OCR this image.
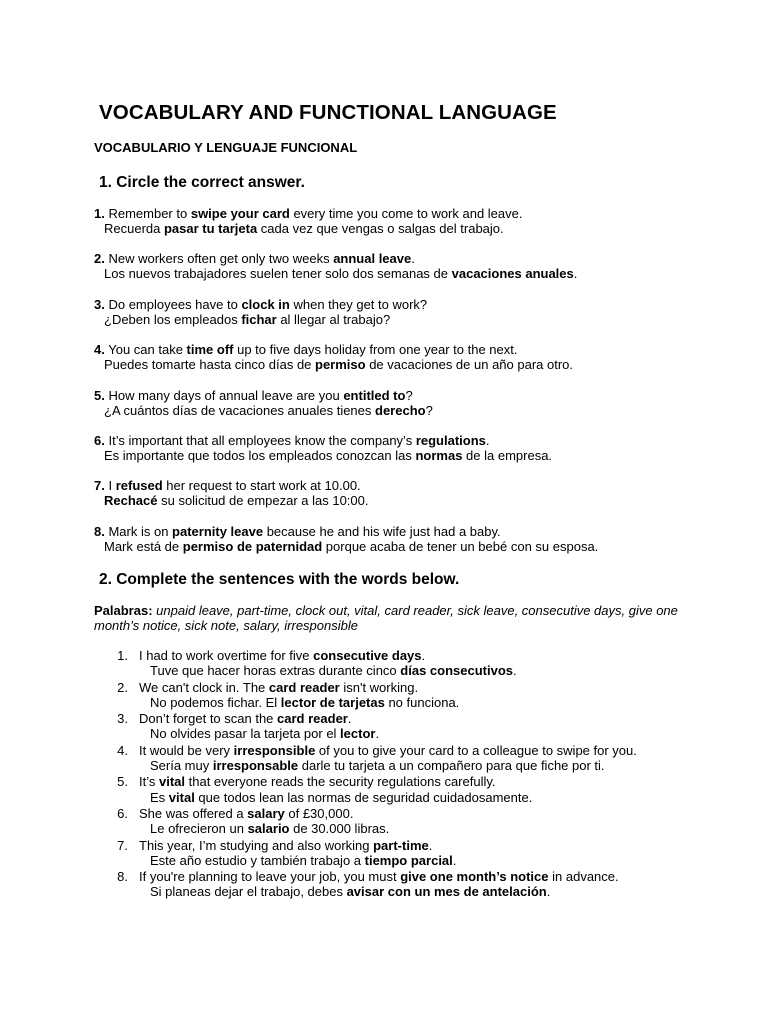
VOCABULARY AND FUNCTIONAL LANGUAGE
VOCABULARIO Y LENGUAJE FUNCIONAL
1. Circle the correct answer.
1. Remember to swipe your card every time you come to work and leave.
Recuerda pasar tu tarjeta cada vez que vengas o salgas del trabajo.
2. New workers often get only two weeks annual leave.
Los nuevos trabajadores suelen tener solo dos semanas de vacaciones anuales.
3. Do employees have to clock in when they get to work?
¿Deben los empleados fichar al llegar al trabajo?
4. You can take time off up to five days holiday from one year to the next.
Puedes tomarte hasta cinco días de permiso de vacaciones de un año para otro.
5. How many days of annual leave are you entitled to?
¿A cuántos días de vacaciones anuales tienes derecho?
6. It’s important that all employees know the company’s regulations.
Es importante que todos los empleados conozcan las normas de la empresa.
7. I refused her request to start work at 10.00.
Rechacé su solicitud de empezar a las 10:00.
8. Mark is on paternity leave because he and his wife just had a baby.
Mark está de permiso de paternidad porque acaba de tener un bebé con su esposa.
2. Complete the sentences with the words below.
Palabras: unpaid leave, part-time, clock out, vital, card reader, sick leave, consecutive days, give one month’s notice, sick note, salary, irresponsible
1. I had to work overtime for five consecutive days.
Tuve que hacer horas extras durante cinco días consecutivos.
2. We can't clock in. The card reader isn't working.
No podemos fichar. El lector de tarjetas no funciona.
3. Don’t forget to scan the card reader.
No olvides pasar la tarjeta por el lector.
4. It would be very irresponsible of you to give your card to a colleague to swipe for you.
Sería muy irresponsable darle tu tarjeta a un compañero para que fiche por ti.
5. It’s vital that everyone reads the security regulations carefully.
Es vital que todos lean las normas de seguridad cuidadosamente.
6. She was offered a salary of £30,000.
Le ofrecieron un salario de 30.000 libras.
7. This year, I’m studying and also working part-time.
Este año estudio y también trabajo a tiempo parcial.
8. If you're planning to leave your job, you must give one month’s notice in advance.
Si planeas dejar el trabajo, debes avisar con un mes de antelación.
